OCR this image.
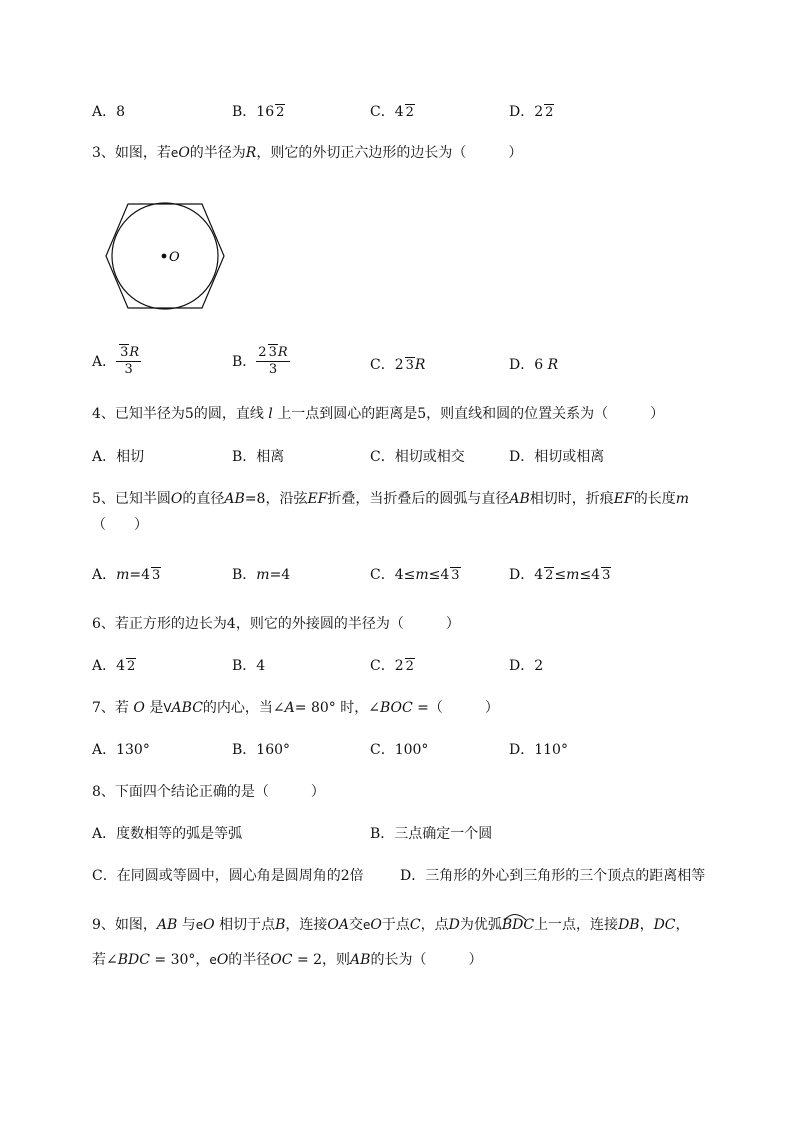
A．8	B．16 2	C．4 2	D．2 2
3、如图，若eO的半径为R，则它的外切正六边形的边长为（　　　）
O
A． $\frac{3R}{3}$	B． $\frac{2 3R}{3}$	C．2 3R	D．6 R
4、已知半径为5的圆，直线 l 上一点到圆心的距离是5，则直线和圆的位置关系为（　　　）
A．相切	B．相离	C．相切或相交	D．相切或相离
5、已知半圆O的直径AB=8，沿弦EF折叠，当折叠后的圆弧与直径AB相切时，折痕EF的长度m
（　　）
A．m=4 3	B．m=4	C．4≤m≤4 3	D．4 2≤m≤4 3
6、若正方形的边长为4，则它的外接圆的半径为（　　　）
A．4 2	B．4	C．2 2	D．2
7、若 O 是VABC的内心，当∠A= 80° 时，∠BOC =（　　　）
A．130°	B．160°	C．100°	D．110°
8、下面四个结论正确的是（　　　）
A．度数相等的弧是等弧	B．三点确定一个圆
C．在同圆或等圆中，圆心角是圆周角的2倍	D．三角形的外心到三角形的三个顶点的距离相等
9、如图，AB 与eO 相切于点B，连接OA交eO于点C，点D为优弧BDC
上一点，连接DB，DC，
若∠BDC = 30°，eO的半径OC = 2，则AB的长为（　　　）
